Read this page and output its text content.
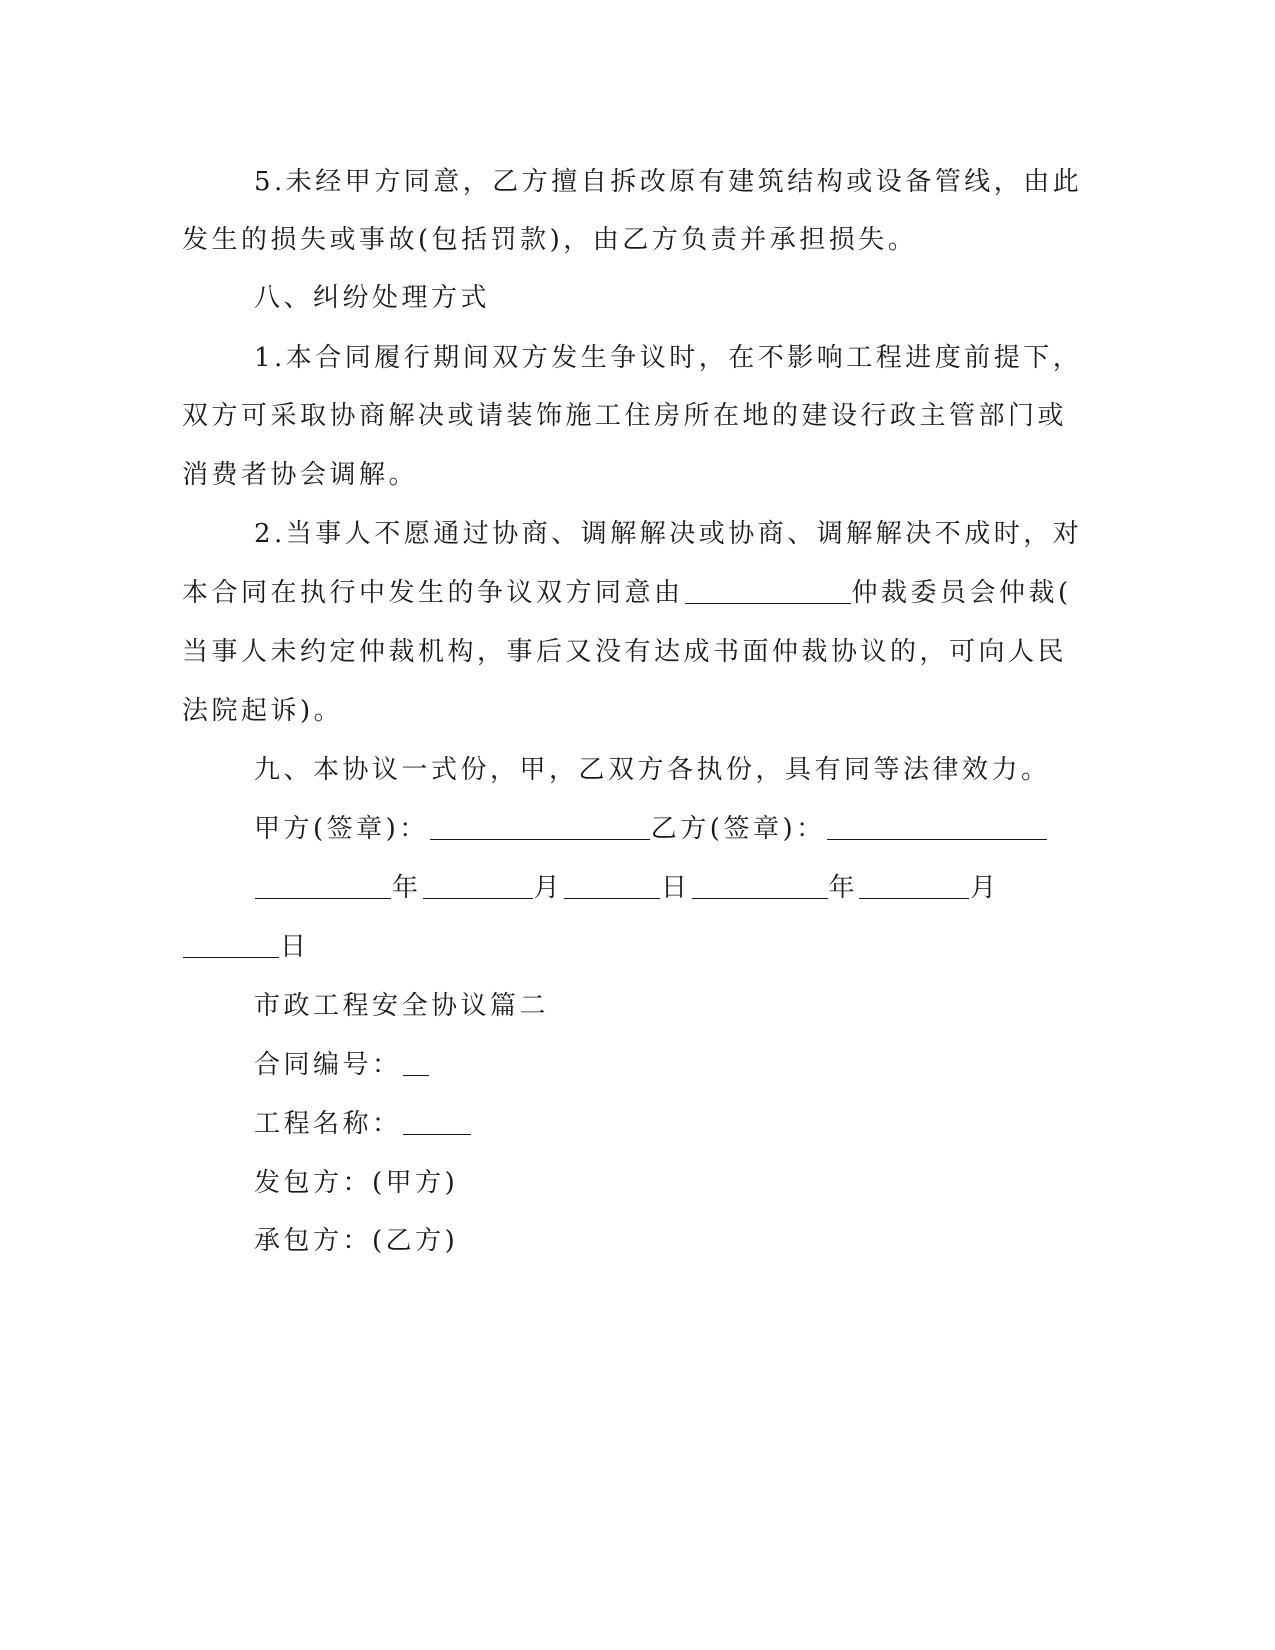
5.未经甲方同意，乙方擅自拆改原有建筑结构或设备管线，由此
发生的损失或事故(包括罚款)，由乙方负责并承担损失。
八、纠纷处理方式
1.本合同履行期间双方发生争议时，在不影响工程进度前提下，
双方可采取协商解决或请装饰施工住房所在地的建设行政主管部门或
消费者协会调解。
2.当事人不愿通过协商、调解解决或协商、调解解决不成时，对
本合同在执行中发生的争议双方同意由	仲裁委员会仲裁(
当事人未约定仲裁机构，事后又没有达成书面仲裁协议的，可向人民
法院起诉)。
九、本协议一式份，甲，乙双方各执份，具有同等法律效力。
甲方(签章)：	乙方(签章)：
年	月	日	年	月
日
市政工程安全协议篇二
合同编号：
工程名称：
发包方：(甲方)
承包方：(乙方)
